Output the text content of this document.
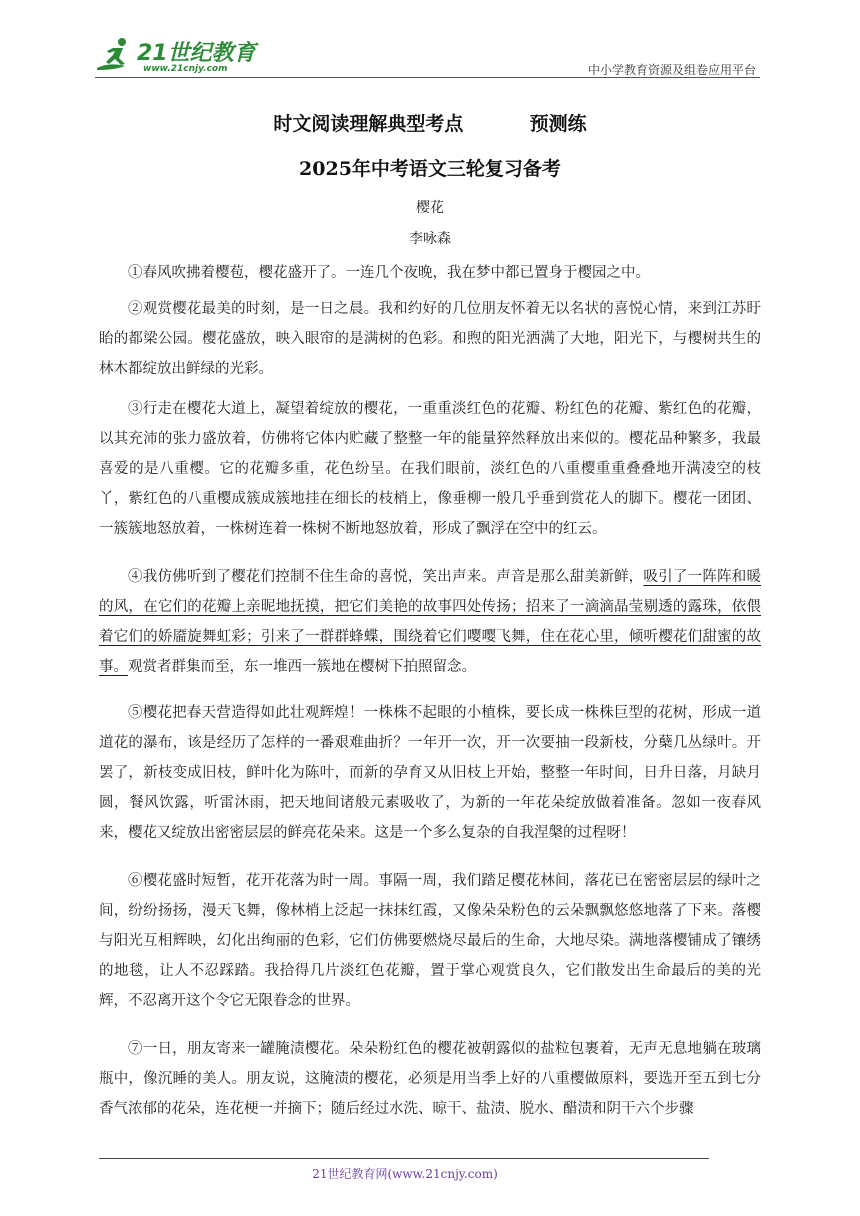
21世纪教育
www.21cnjy.com	中小学教育资源及组卷应用平台
时文阅读理解典型考点          预测练
2025年中考语文三轮复习备考
樱花
李咏森

①春风吹拂着樱苞，樱花盛开了。一连几个夜晚，我在梦中都已置身于樱园之中。

②观赏樱花最美的时刻，是一日之晨。我和约好的几位朋友怀着无以名状的喜悦心情，来到江苏盱眙的都梁公园。樱花盛放，映入眼帘的是满树的色彩。和煦的阳光洒满了大地，阳光下，与樱树共生的林木都绽放出鲜绿的光彩。

③行走在樱花大道上，凝望着绽放的樱花，一重重淡红色的花瓣、粉红色的花瓣、紫红色的花瓣，以其充沛的张力盛放着，仿佛将它体内贮藏了整整一年的能量猝然释放出来似的。樱花品种繁多，我最喜爱的是八重樱。它的花瓣多重，花色纷呈。在我们眼前，淡红色的八重樱重重叠叠地开满凌空的枝丫，紫红色的八重樱成簇成簇地挂在细长的枝梢上，像垂柳一般几乎垂到赏花人的脚下。樱花一团团、一簇簇地怒放着，一株树连着一株树不断地怒放着，形成了飘浮在空中的红云。

④我仿佛听到了樱花们控制不住生命的喜悦，笑出声来。声音是那么甜美新鲜，吸引了一阵阵和暖的风，在它们的花瓣上亲昵地抚摸，把它们美艳的故事四处传扬；招来了一滴滴晶莹剔透的露珠，依偎着它们的娇靥旋舞虹彩；引来了一群群蜂蝶，围绕着它们嘤嘤飞舞，住在花心里，倾听樱花们甜蜜的故事。观赏者群集而至，东一堆西一簇地在樱树下拍照留念。

⑤樱花把春天营造得如此壮观辉煌！一株株不起眼的小植株，要长成一株株巨型的花树，形成一道道花的瀑布，该是经历了怎样的一番艰难曲折？一年开一次，开一次要抽一段新枝，分蘖几丛绿叶。开罢了，新枝变成旧枝，鲜叶化为陈叶，而新的孕育又从旧枝上开始，整整一年时间，日升日落，月缺月圆，餐风饮露，听雷沐雨，把天地间诸般元素吸收了，为新的一年花朵绽放做着准备。忽如一夜春风来，樱花又绽放出密密层层的鲜亮花朵来。这是一个多么复杂的自我涅槃的过程呀！

⑥樱花盛时短暂，花开花落为时一周。事隔一周，我们踏足樱花林间，落花已在密密层层的绿叶之间，纷纷扬扬，漫天飞舞，像林梢上泛起一抹抹红霞，又像朵朵粉色的云朵飘飘悠悠地落了下来。落樱与阳光互相辉映，幻化出绚丽的色彩，它们仿佛要燃烧尽最后的生命，大地尽染。满地落樱铺成了镶绣的地毯，让人不忍踩踏。我拾得几片淡红色花瓣，置于掌心观赏良久，它们散发出生命最后的美的光辉，不忍离开这个令它无限眷念的世界。

⑦一日，朋友寄来一罐腌渍樱花。朵朵粉红色的樱花被朝露似的盐粒包裹着，无声无息地躺在玻璃瓶中，像沉睡的美人。朋友说，这腌渍的樱花，必须是用当季上好的八重樱做原料，要选开至五到七分香气浓郁的花朵，连花梗一并摘下；随后经过水洗、晾干、盐渍、脱水、醋渍和阴干六个步骤

21世纪教育网(www.21cnjy.com)
